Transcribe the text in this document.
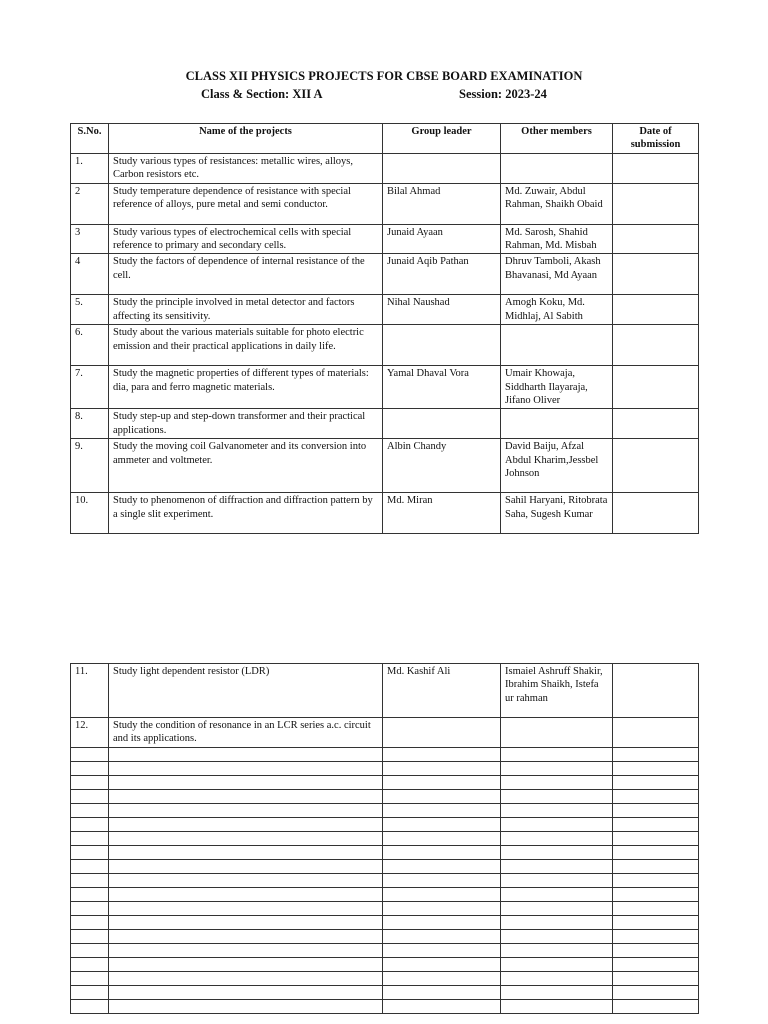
CLASS XII PHYSICS PROJECTS FOR CBSE BOARD EXAMINATION
Class & Section: XII A	Session: 2023-24
S.No.	Name of the projects	Group leader	Other members	Date of submission
1.	Study various types of resistances: metallic wires, alloys, Carbon resistors etc.			
2	Study temperature dependence of resistance with special reference of alloys, pure metal and semi conductor.	Bilal Ahmad	Md. Zuwair, Abdul Rahman, Shaikh Obaid	
3	Study various types of electrochemical cells with special reference to primary and secondary cells.	Junaid Ayaan	Md. Sarosh, Shahid Rahman, Md. Misbah	
4	Study the factors of dependence of internal resistance of the cell.	Junaid Aqib Pathan	Dhruv Tamboli, Akash Bhavanasi, Md Ayaan	
5.	Study the principle involved in metal detector and factors affecting its sensitivity.	Nihal Naushad	Amogh Koku, Md. Midhlaj, Al Sabith	
6.	Study about the various materials suitable for photo electric emission and their practical applications in daily life.			
7.	Study the magnetic properties of different types of materials: dia, para and ferro magnetic materials.	Yamal Dhaval Vora	Umair Khowaja, Siddharth Ilayaraja, Jifano Oliver	
8.	Study step-up and step-down transformer and their practical applications.			
9.	Study the moving coil Galvanometer and its conversion into ammeter and voltmeter.	Albin Chandy	David Baiju, Afzal Abdul Kharim,Jessbel Johnson	
10.	Study to phenomenon of diffraction and diffraction pattern by a single slit experiment.	Md. Miran	Sahil Haryani, Ritobrata Saha, Sugesh Kumar	
11.	Study light dependent resistor (LDR)	Md. Kashif Ali	Ismaiel Ashruff Shakir, Ibrahim Shaikh, Istefa ur rahman	
12.	Study the condition of resonance in an LCR series a.c. circuit and its applications.			
